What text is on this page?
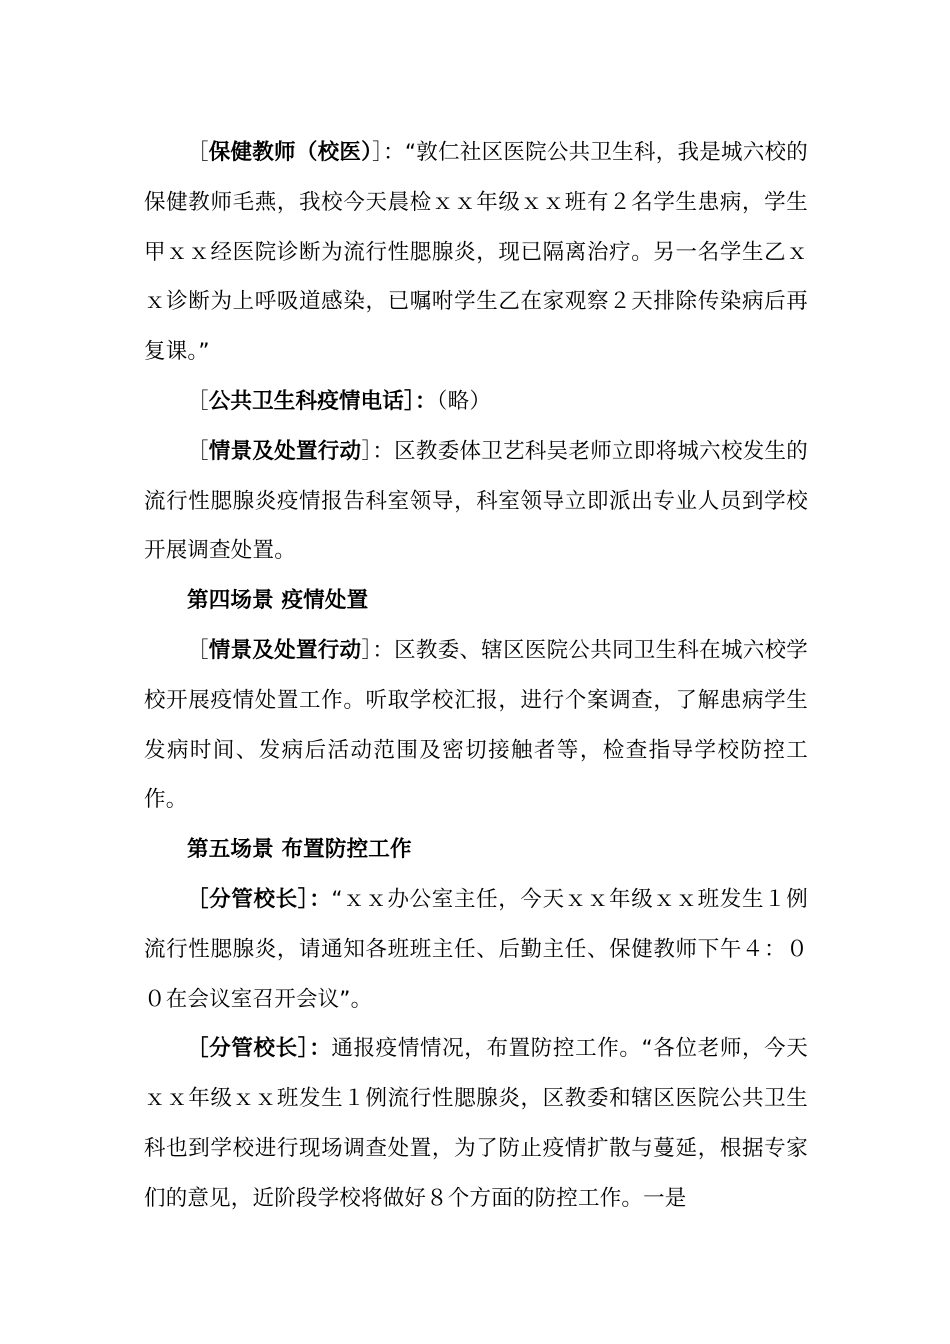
［保健教师（校医）］：“敦仁社区医院公共卫生科，我是城六校的保健教师毛燕，我校今天晨检ｘｘ年级ｘｘ班有２名学生患病，学生甲ｘｘ经医院诊断为流行性腮腺炎，现已隔离治疗。另一名学生乙ｘｘ诊断为上呼吸道感染，已嘱咐学生乙在家观察２天排除传染病后再复课。”

［公共卫生科疫情电话］：（略）

［情景及处置行动］：区教委体卫艺科吴老师立即将城六校发生的流行性腮腺炎疫情报告科室领导，科室领导立即派出专业人员到学校开展调查处置。

第四场景 疫情处置

［情景及处置行动］：区教委、辖区医院公共同卫生科在城六校学校开展疫情处置工作。听取学校汇报，进行个案调查，了解患病学生发病时间、发病后活动范围及密切接触者等，检查指导学校防控工作。

第五场景 布置防控工作

［分管校长］：“ｘｘ办公室主任，今天ｘｘ年级ｘｘ班发生１例流行性腮腺炎，请通知各班班主任、后勤主任、保健教师下午４：００在会议室召开会议”。

［分管校长］：通报疫情情况，布置防控工作。“各位老师，今天ｘｘ年级ｘｘ班发生１例流行性腮腺炎，区教委和辖区医院公共卫生科也到学校进行现场调查处置，为了防止疫情扩散与蔓延，根据专家们的意见，近阶段学校将做好８个方面的防控工作。一是
